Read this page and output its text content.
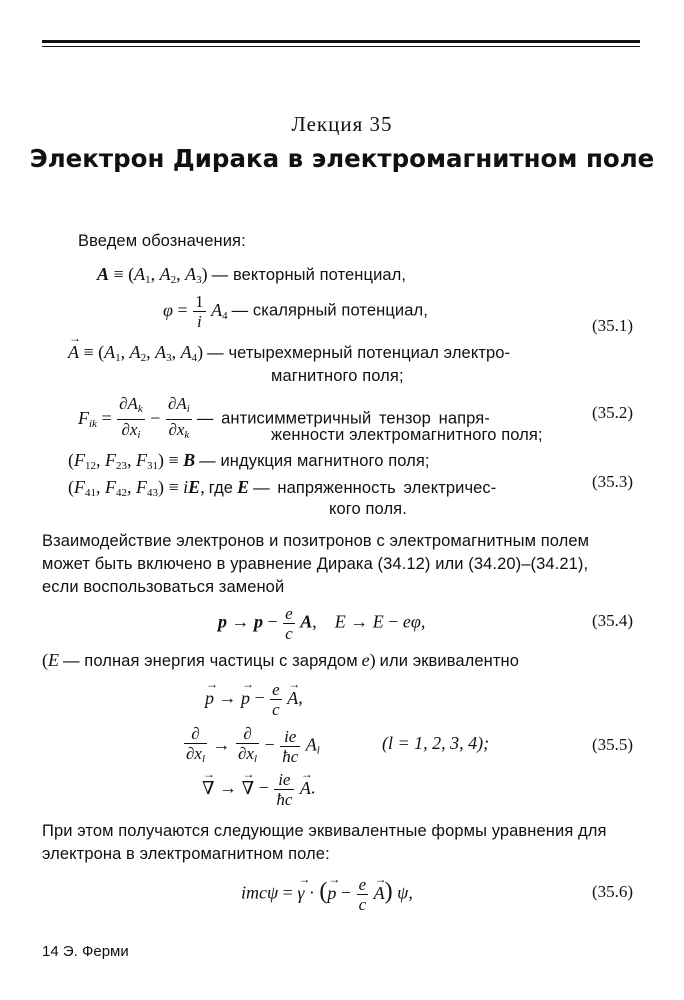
Лекция 35
Электрон Дирака в электромагнитном поле
Введем обозначения:
A ≡ (A1, A2, A3) — векторный потенциал,
$\varphi = \frac{1}{i} A4$ — скалярный потенциал,
(35.1)
→ A ≡ (A1, A2, A3, A4) — четырехмерный потенциал электро-
магнитного поля;
$F_{ik} = \frac{\partial A_k}{\partial x_i} - \frac{\partial A_i}{\partial x_k}$ — антисимметричный тензор напря-	(35.2)
женности электромагнитного поля;
(F12, F23, F31) ≡ B — индукция магнитного поля;
(F41, F42, F43) ≡ iE, где E — напряженность электричес-	(35.3)
кого поля.
Взаимодействие электронов и позитронов с электромагнитным полем
может быть включено в уравнение Дирака (34.12) или (34.20)–(34.21),
если воспользоваться заменой
$p \to p - \frac{e}{c} A$,    E → E − eφ,	(35.4)
(E — полная энергия частицы с зарядом e) или эквивалентно
→ p → → $p - \frac{e}{c}$
→ A,
$\frac{\partial}{\partial x_l} \to \frac{\partial}{\partial x_l} - \frac{ie}{ħc} A_l$	(l = 1, 2, 3, 4);	(35.5)
→ ∇ → → ∇ − $\frac{ie}{ħc}$
→ A.
При этом получаются следующие эквивалентные формы уравнения для
электрона в электромагнитном поле:
imcψ = → γ · (→ $p - \frac{e}{c}$
→ A) ψ,	(35.6)
14 Э. Ферми
